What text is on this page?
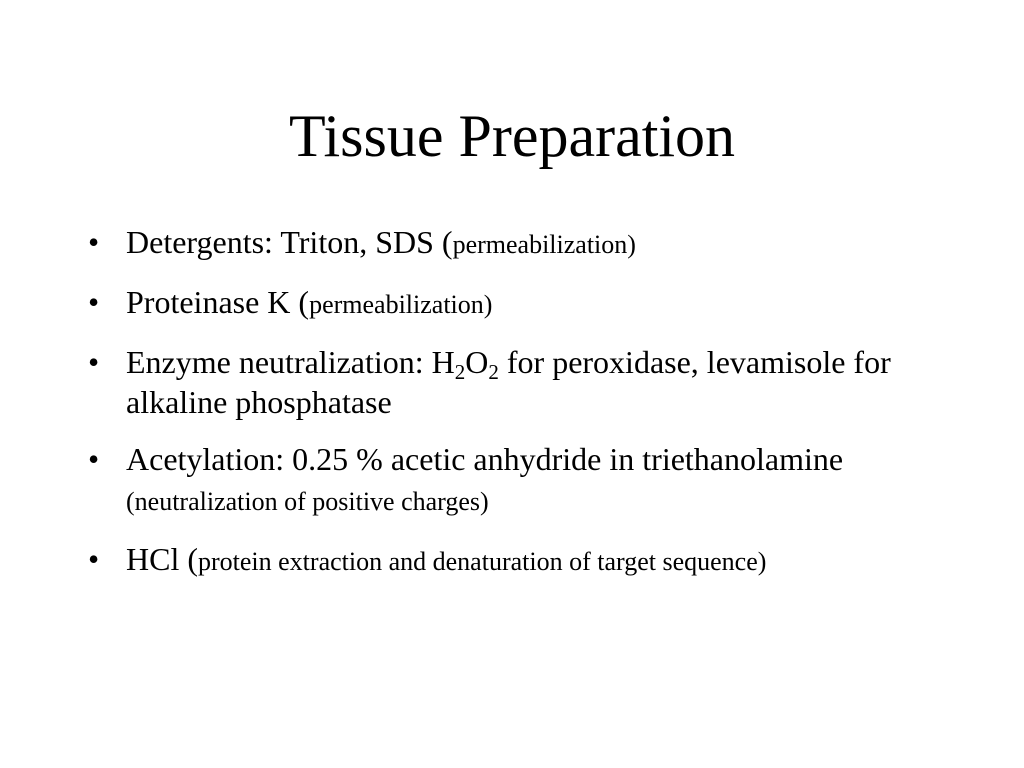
Tissue Preparation
• Detergents: Triton, SDS (permeabilization)
• Proteinase K (permeabilization)
• Enzyme neutralization: $H_2O_2$ for peroxidase, levamisole for alkaline phosphatase
• Acetylation: 0.25 % acetic anhydride in triethanolamine (neutralization of positive charges)
• HCl (protein extraction and denaturation of target sequence)
